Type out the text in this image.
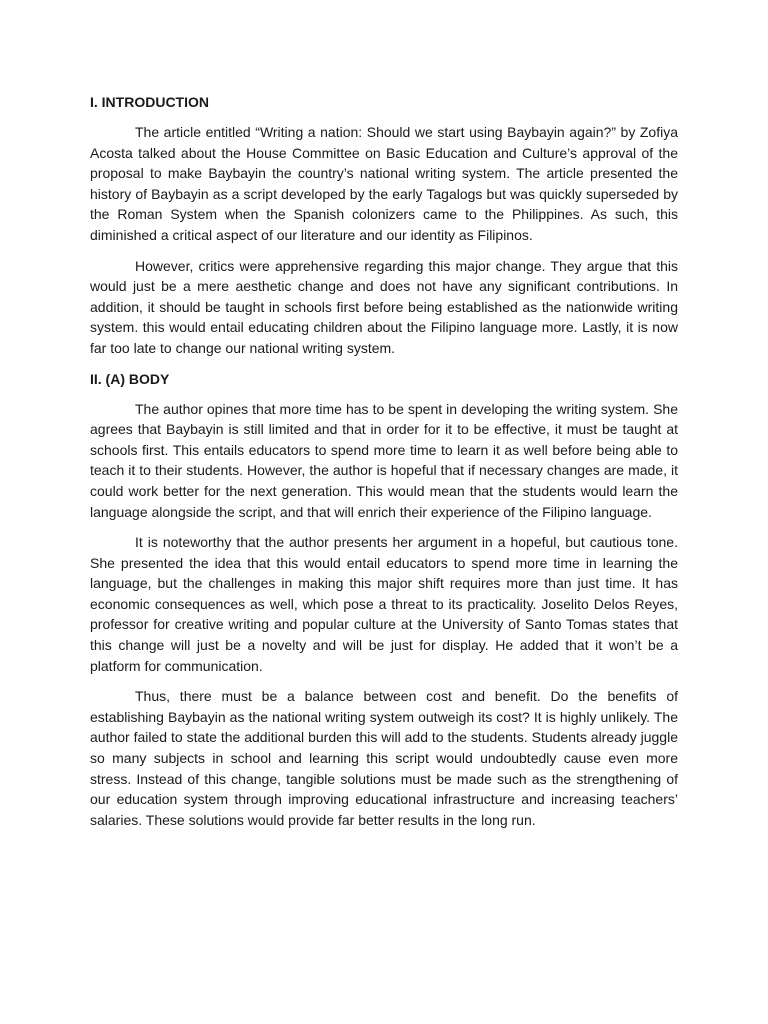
I. INTRODUCTION

The article entitled “Writing a nation: Should we start using Baybayin again?” by Zofiya Acosta talked about the House Committee on Basic Education and Culture’s approval of the proposal to make Baybayin the country’s national writing system. The article presented the history of Baybayin as a script developed by the early Tagalogs but was quickly superseded by the Roman System when the Spanish colonizers came to the Philippines. As such, this diminished a critical aspect of our literature and our identity as Filipinos.

However, critics were apprehensive regarding this major change. They argue that this would just be a mere aesthetic change and does not have any significant contributions. In addition, it should be taught in schools first before being established as the nationwide writing system. this would entail educating children about the Filipino language more. Lastly, it is now far too late to change our national writing system.

II. (A) BODY

The author opines that more time has to be spent in developing the writing system. She agrees that Baybayin is still limited and that in order for it to be effective, it must be taught at schools first. This entails educators to spend more time to learn it as well before being able to teach it to their students. However, the author is hopeful that if necessary changes are made, it could work better for the next generation. This would mean that the students would learn the language alongside the script, and that will enrich their experience of the Filipino language.

It is noteworthy that the author presents her argument in a hopeful, but cautious tone. She presented the idea that this would entail educators to spend more time in learning the language, but the challenges in making this major shift requires more than just time. It has economic consequences as well, which pose a threat to its practicality. Joselito Delos Reyes, professor for creative writing and popular culture at the University of Santo Tomas states that this change will just be a novelty and will be just for display. He added that it won’t be a platform for communication.

Thus, there must be a balance between cost and benefit. Do the benefits of establishing Baybayin as the national writing system outweigh its cost? It is highly unlikely. The author failed to state the additional burden this will add to the students. Students already juggle so many subjects in school and learning this script would undoubtedly cause even more stress. Instead of this change, tangible solutions must be made such as the strengthening of our education system through improving educational infrastructure and increasing teachers’ salaries. These solutions would provide far better results in the long run.
